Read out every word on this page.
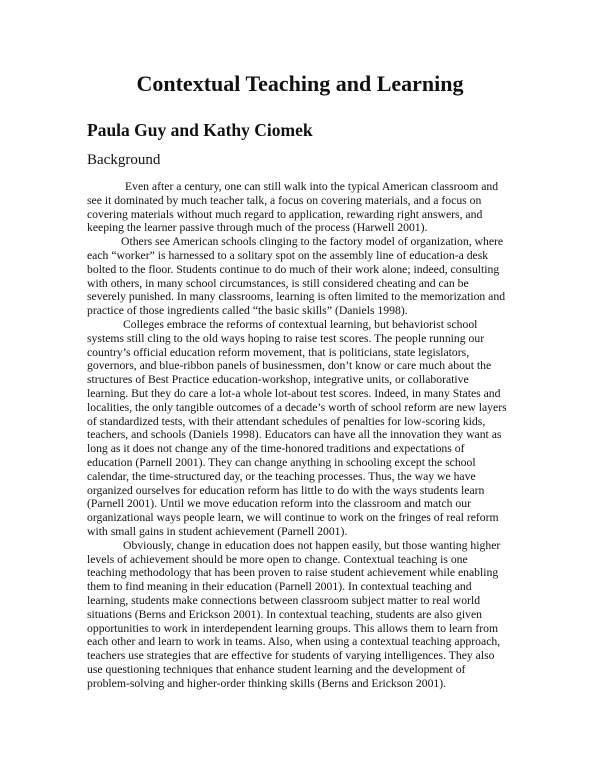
Contextual Teaching and Learning
Paula Guy and Kathy Ciomek
Background
Even after a century, one can still walk into the typical American classroom and
see it dominated by much teacher talk, a focus on covering materials, and a focus on
covering materials without much regard to application, rewarding right answers, and
keeping the learner passive through much of the process (Harwell 2001).
Others see American schools clinging to the factory model of organization, where
each “worker” is harnessed to a solitary spot on the assembly line of education-a desk
bolted to the floor. Students continue to do much of their work alone; indeed, consulting
with others, in many school circumstances, is still considered cheating and can be
severely punished. In many classrooms, learning is often limited to the memorization and
practice of those ingredients called “the basic skills” (Daniels 1998).
Colleges embrace the reforms of contextual learning, but behaviorist school
systems still cling to the old ways hoping to raise test scores. The people running our
country’s official education reform movement, that is politicians, state legislators,
governors, and blue-ribbon panels of businessmen, don’t know or care much about the
structures of Best Practice education-workshop, integrative units, or collaborative
learning. But they do care a lot-a whole lot-about test scores. Indeed, in many States and
localities, the only tangible outcomes of a decade’s worth of school reform are new layers
of standardized tests, with their attendant schedules of penalties for low-scoring kids,
teachers, and schools (Daniels 1998). Educators can have all the innovation they want as
long as it does not change any of the time-honored traditions and expectations of
education (Parnell 2001). They can change anything in schooling except the school
calendar, the time-structured day, or the teaching processes. Thus, the way we have
organized ourselves for education reform has little to do with the ways students learn
(Parnell 2001). Until we move education reform into the classroom and match our
organizational ways people learn, we will continue to work on the fringes of real reform
with small gains in student achievement (Parnell 2001).
Obviously, change in education does not happen easily, but those wanting higher
levels of achievement should be more open to change. Contextual teaching is one
teaching methodology that has been proven to raise student achievement while enabling
them to find meaning in their education (Parnell 2001). In contextual teaching and
learning, students make connections between classroom subject matter to real world
situations (Berns and Erickson 2001). In contextual teaching, students are also given
opportunities to work in interdependent learning groups. This allows them to learn from
each other and learn to work in teams. Also, when using a contextual teaching approach,
teachers use strategies that are effective for students of varying intelligences. They also
use questioning techniques that enhance student learning and the development of
problem-solving and higher-order thinking skills (Berns and Erickson 2001).
